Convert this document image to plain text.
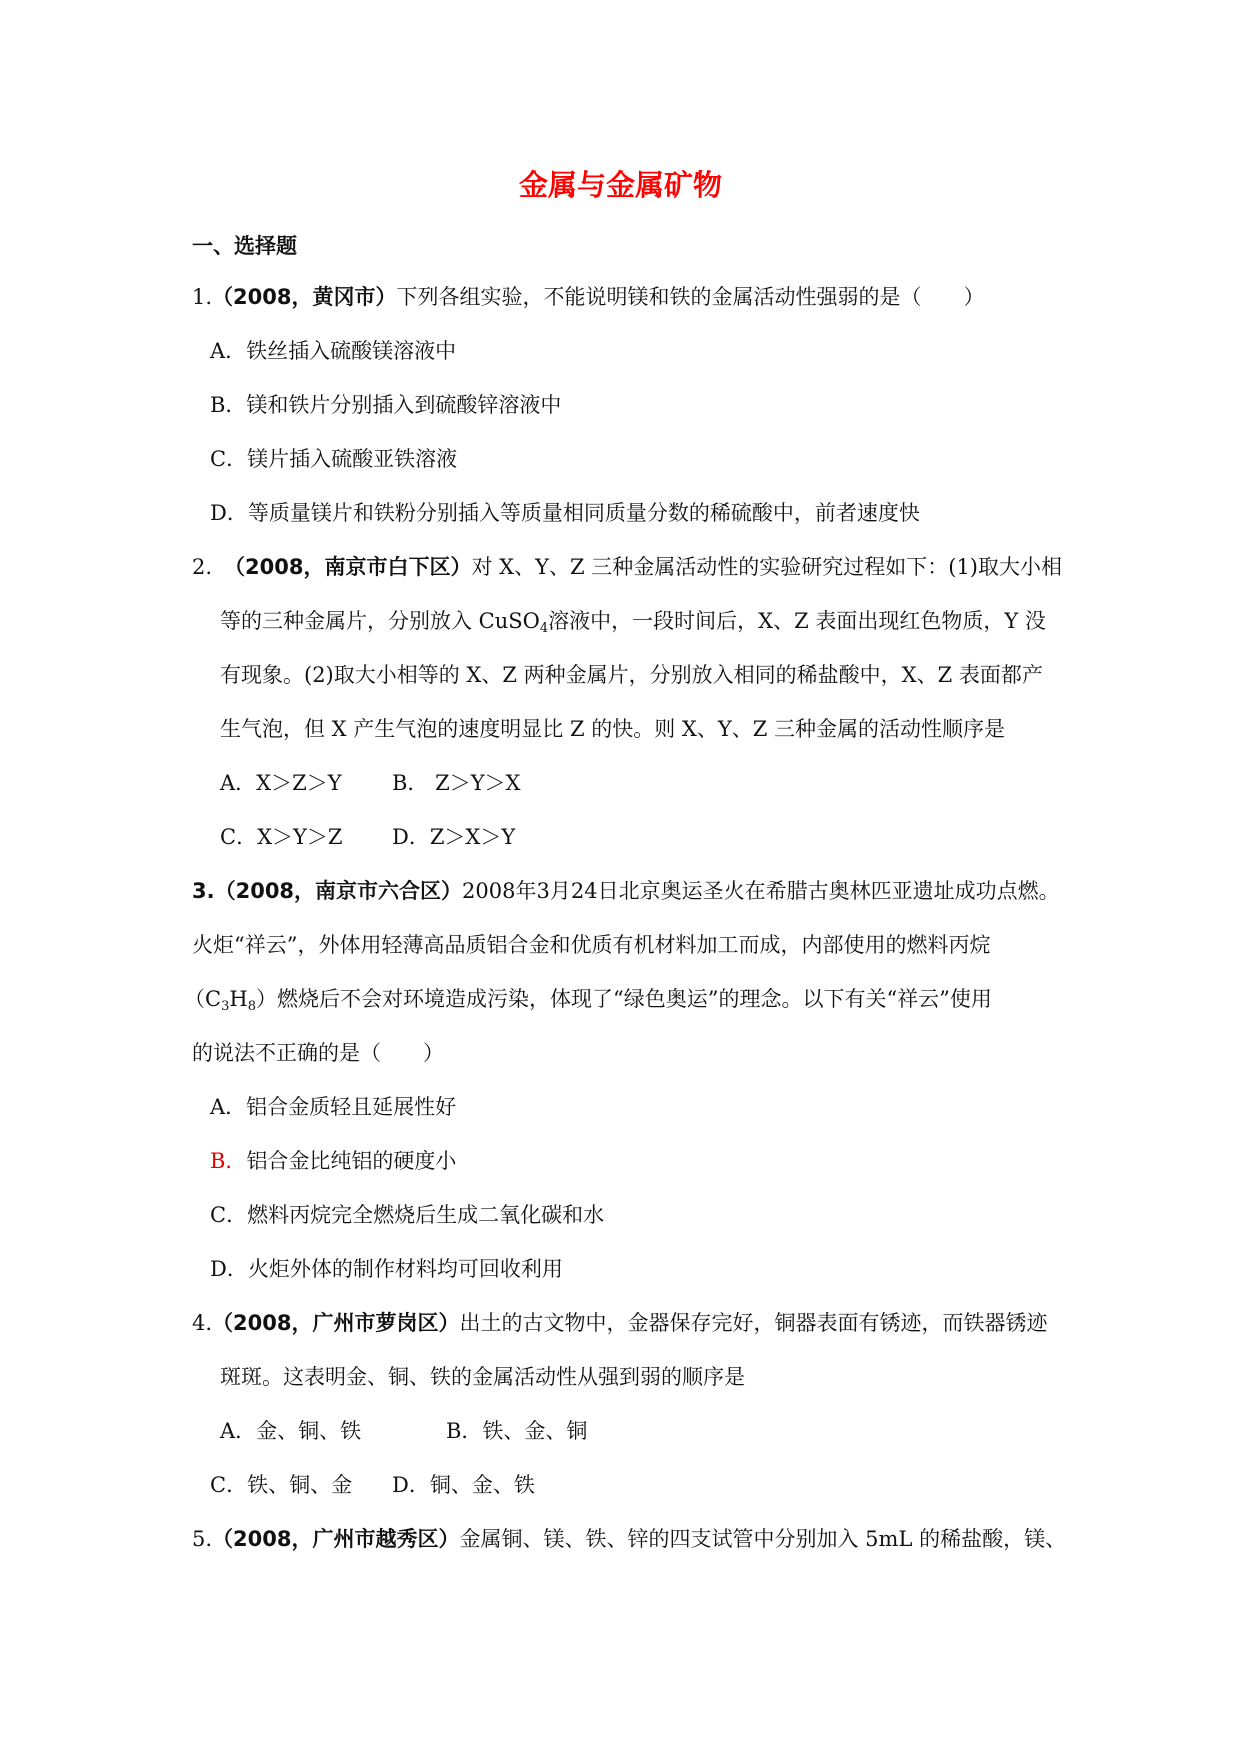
金属与金属矿物
一、选择题
1.（2008，黄冈市）下列各组实验，不能说明镁和铁的金属活动性强弱的是（　　）
A．铁丝插入硫酸镁溶液中
B．镁和铁片分别插入到硫酸锌溶液中
C．镁片插入硫酸亚铁溶液
D．等质量镁片和铁粉分别插入等质量相同质量分数的稀硫酸中，前者速度快
2. （2008，南京市白下区）对 X、Y、Z 三种金属活动性的实验研究过程如下：(1)取大小相
等的三种金属片，分别放入 CuSO$_4$溶液中，一段时间后，X、Z 表面出现红色物质，Y 没
有现象。(2)取大小相等的 X、Z 两种金属片，分别放入相同的稀盐酸中，X、Z 表面都产
生气泡，但 X 产生气泡的速度明显比 Z 的快。则 X、Y、Z 三种金属的活动性顺序是
A．X＞Z＞Y B． Z＞Y＞X
C．X＞Y＞Z D．Z＞X＞Y
3.（2008，南京市六合区）2008年3月24日北京奥运圣火在希腊古奥林匹亚遗址成功点燃。
火炬“祥云”，外体用轻薄高品质铝合金和优质有机材料加工而成，内部使用的燃料丙烷
$(C_3H_8)$燃烧后不会对环境造成污染，体现了“绿色奥运”的理念。以下有关“祥云”使用
的说法不正确的是（　　）
A．铝合金质轻且延展性好
B．铝合金比纯铝的硬度小
C．燃料丙烷完全燃烧后生成二氧化碳和水
D．火炬外体的制作材料均可回收利用
4.（2008，广州市萝岗区）出土的古文物中，金器保存完好，铜器表面有锈迹，而铁器锈迹
斑斑。这表明金、铜、铁的金属活动性从强到弱的顺序是
A．金、铜、铁	B．铁、金、铜
C．铁、铜、金 D．铜、金、铁
5.（2008，广州市越秀区）金属铜、镁、铁、锌的四支试管中分别加入 5mL 的稀盐酸，镁、
